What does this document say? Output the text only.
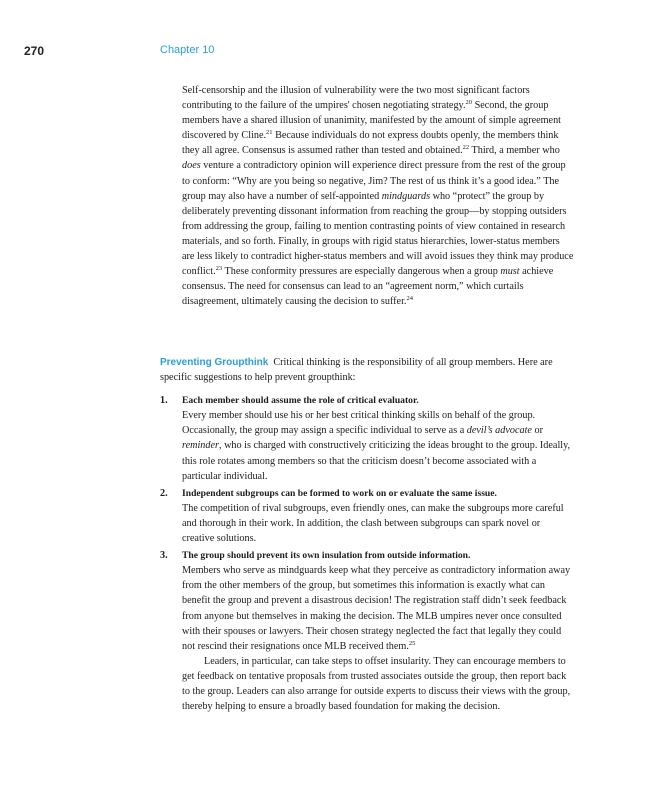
270	Chapter 10

Self-censorship and the illusion of vulnerability were the two most significant factors contributing to the failure of the umpires' chosen negotiating strategy.$^{20}$ Second, the group members have a shared illusion of unanimity, manifested by the amount of simple agreement discovered by Cline.$^{21}$ Because individuals do not express doubts openly, the members think they all agree. Consensus is assumed rather than tested and obtained.$^{22}$ Third, a member who does venture a contradictory opinion will experience direct pressure from the rest of the group to conform: “Why are you being so negative, Jim? The rest of us think it’s a good idea.” The group may also have a number of self-appointed mindguards who “protect” the group by deliberately preventing dissonant information from reaching the group—by stopping outsiders from addressing the group, failing to mention contrasting points of view contained in research materials, and so forth. Finally, in groups with rigid status hierarchies, lower-status members are less likely to contradict higher-status members and will avoid issues they think may produce conflict.$^{23}$ These conformity pressures are especially dangerous when a group must achieve consensus. The need for consensus can lead to an “agreement norm,” which curtails disagreement, ultimately causing the decision to suffer.$^{24}$

Preventing Groupthink Critical thinking is the responsibility of all group members. Here are specific suggestions to help prevent groupthink:

1. Each member should assume the role of critical evaluator.
Every member should use his or her best critical thinking skills on behalf of the group. Occasionally, the group may assign a specific individual to serve as a devil’s advocate or reminder, who is charged with constructively criticizing the ideas brought to the group. Ideally, this role rotates among members so that the criticism doesn’t become associated with a particular individual.
2. Independent subgroups can be formed to work on or evaluate the same issue.
The competition of rival subgroups, even friendly ones, can make the subgroups more careful and thorough in their work. In addition, the clash between subgroups can spark novel or creative solutions.
3. The group should prevent its own insulation from outside information.
Members who serve as mindguards keep what they perceive as contradictory information away from the other members of the group, but sometimes this information is exactly what can benefit the group and prevent a disastrous decision! The registration staff didn’t seek feedback from anyone but themselves in making the decision. The MLB umpires never once consulted with their spouses or lawyers. Their chosen strategy neglected the fact that legally they could not rescind their resignations once MLB received them.$^{25}$
Leaders, in particular, can take steps to offset insularity. They can encourage members to get feedback on tentative proposals from trusted associates outside the group, then report back to the group. Leaders can also arrange for outside experts to discuss their views with the group, thereby helping to ensure a broadly based foundation for making the decision.
